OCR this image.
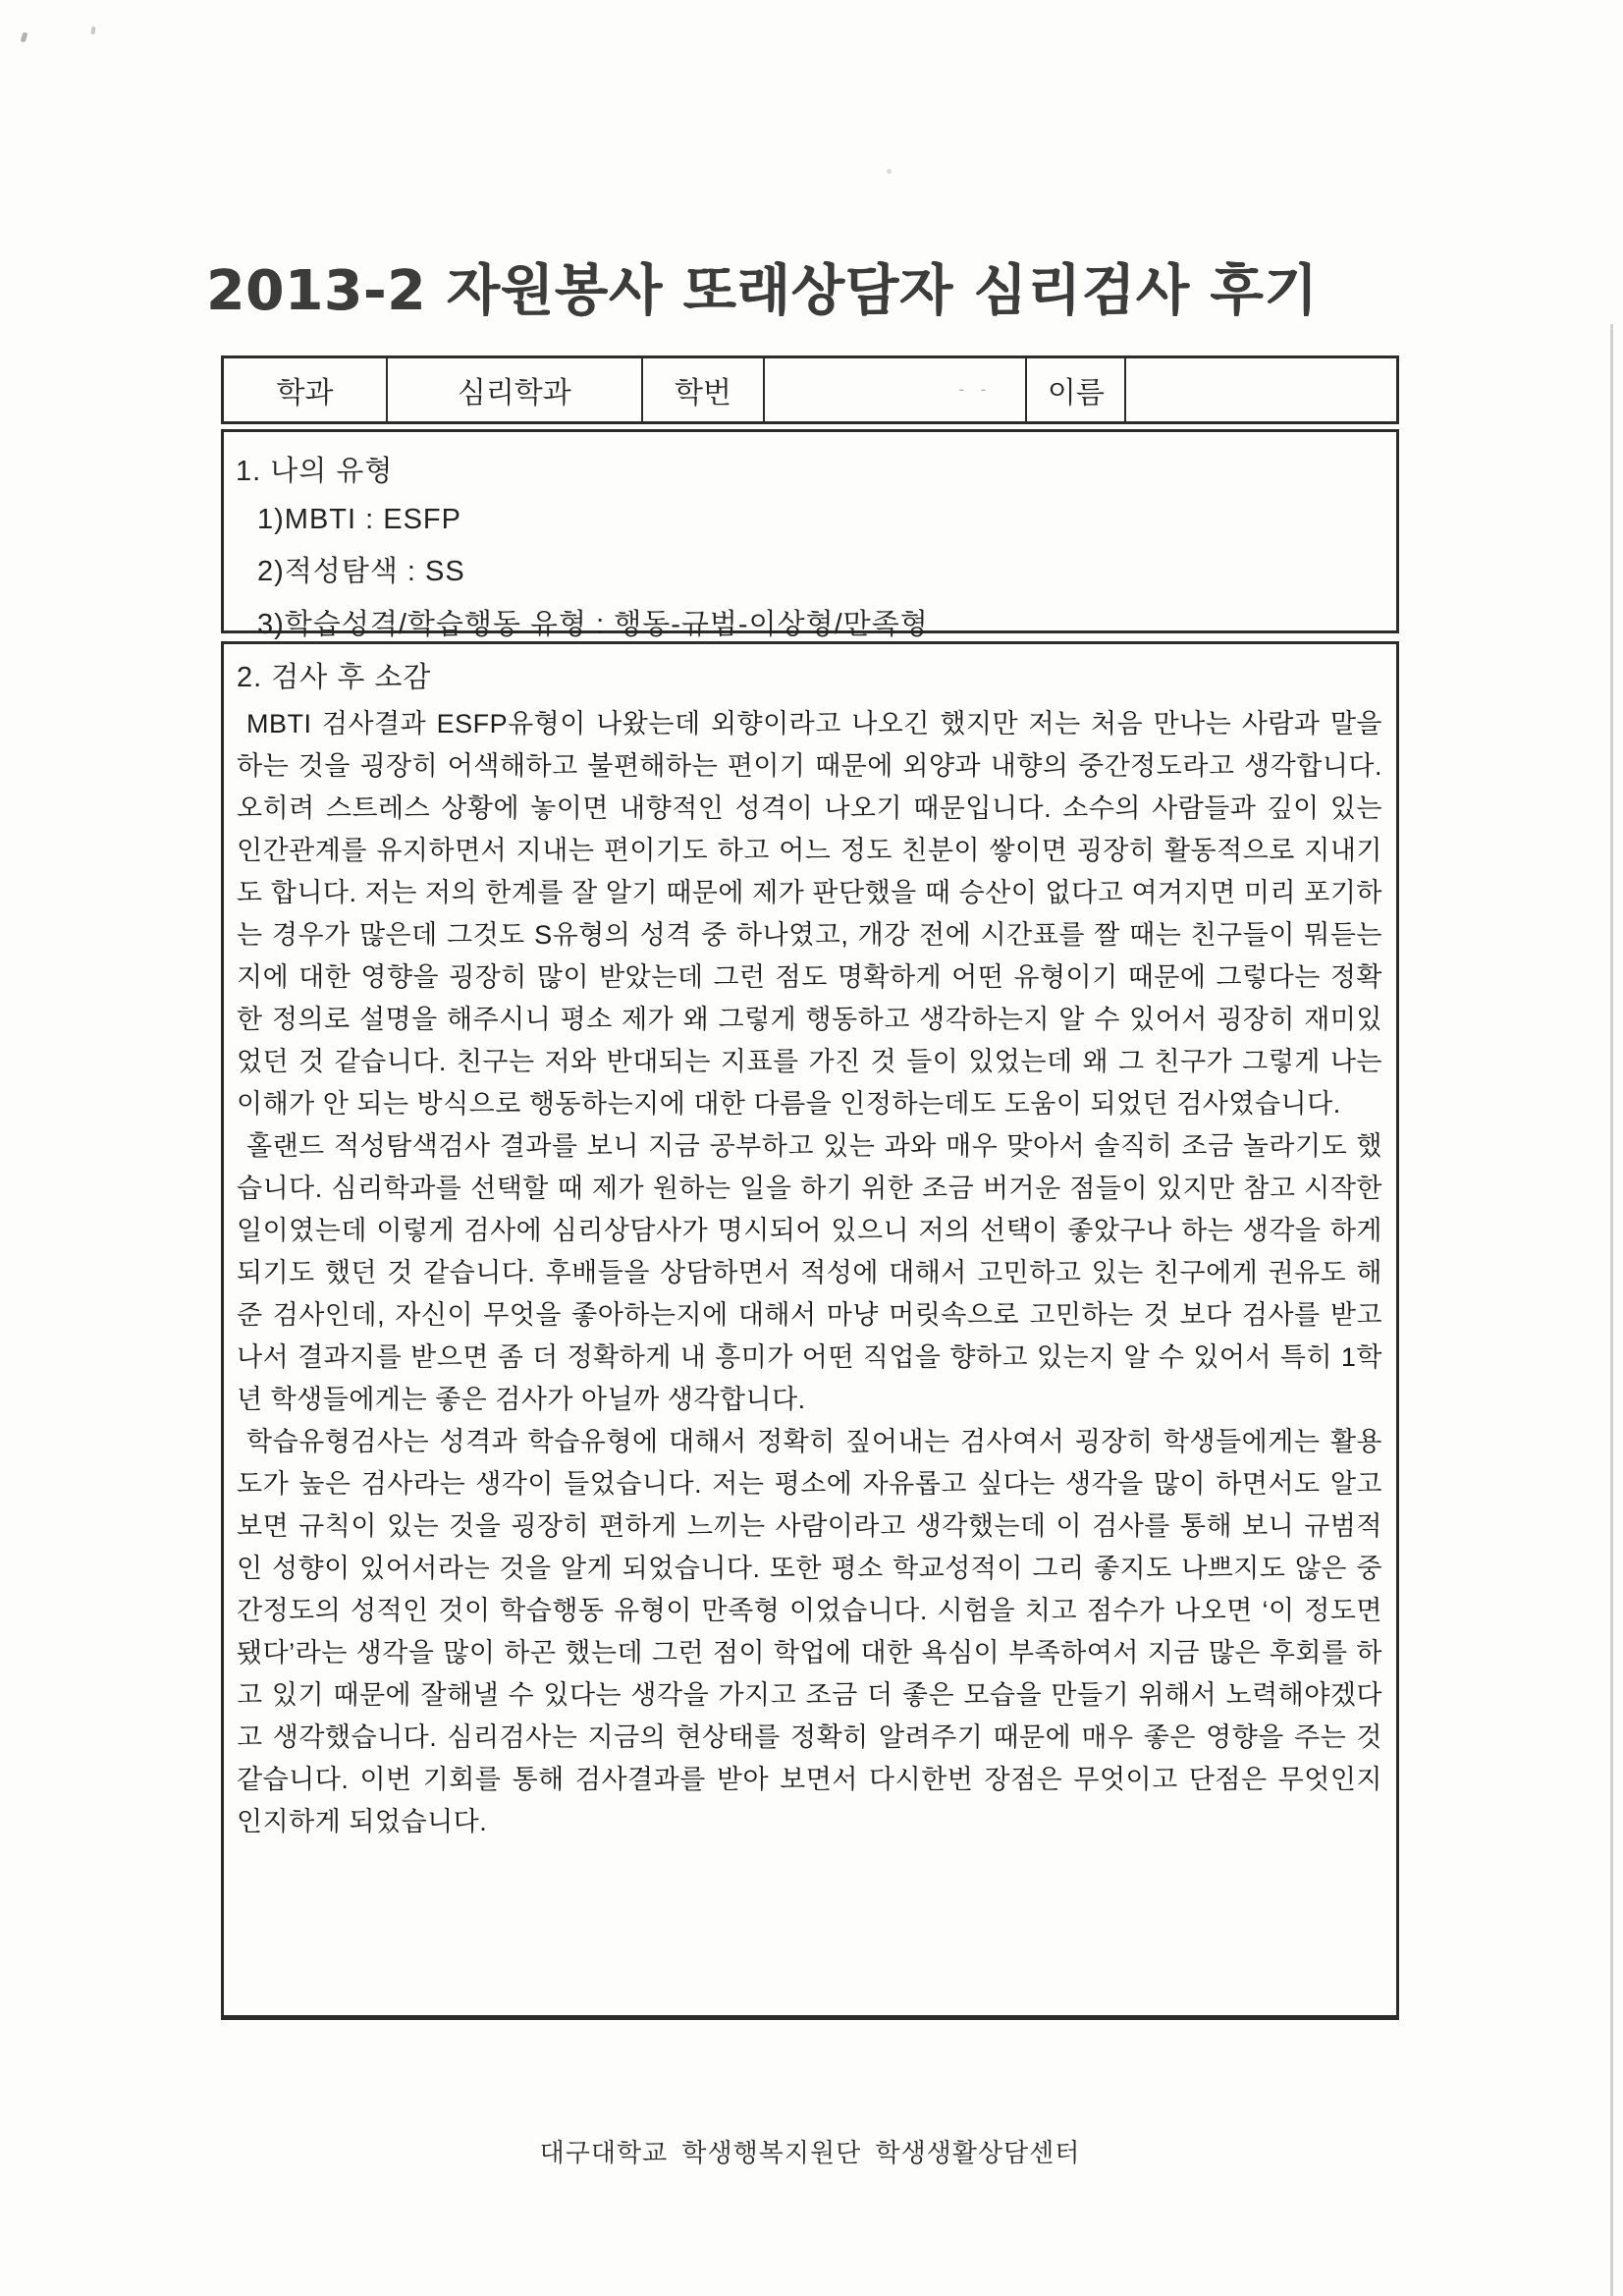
2013-2 자원봉사 또래상담자 심리검사 후기
학과	심리학과	학번	- -	이름	
1. 나의 유형
1)MBTI : ESFP
2)적성탐색 : SS
3)학습성격/학습행동 유형 : 행동-규범-이상형/만족형
2. 검사 후 소감

MBTI 검사결과 ESFP유형이 나왔는데 외향이라고 나오긴 했지만 저는 처음 만나는 사람과 말을 하는 것을 굉장히 어색해하고 불편해하는 편이기 때문에 외양과 내향의 중간정도라고 생각합니다. 오히려 스트레스 상황에 놓이면 내향적인 성격이 나오기 때문입니다. 소수의 사람들과 깊이 있는 인간관계를 유지하면서 지내는 편이기도 하고 어느 정도 친분이 쌓이면 굉장히 활동적으로 지내기도 합니다. 저는 저의 한계를 잘 알기 때문에 제가 판단했을 때 승산이 없다고 여겨지면 미리 포기하는 경우가 많은데 그것도 S유형의 성격 중 하나였고, 개강 전에 시간표를 짤 때는 친구들이 뭐듣는지에 대한 영향을 굉장히 많이 받았는데 그런 점도 명확하게 어떤 유형이기 때문에 그렇다는 정확한 정의로 설명을 해주시니 평소 제가 왜 그렇게 행동하고 생각하는지 알 수 있어서 굉장히 재미있었던 것 같습니다. 친구는 저와 반대되는 지표를 가진 것 들이 있었는데 왜 그 친구가 그렇게 나는 이해가 안 되는 방식으로 행동하는지에 대한 다름을 인정하는데도 도움이 되었던 검사였습니다.

홀랜드 적성탐색검사 결과를 보니 지금 공부하고 있는 과와 매우 맞아서 솔직히 조금 놀라기도 했습니다. 심리학과를 선택할 때 제가 원하는 일을 하기 위한 조금 버거운 점들이 있지만 참고 시작한 일이였는데 이렇게 검사에 심리상담사가 명시되어 있으니 저의 선택이 좋았구나 하는 생각을 하게 되기도 했던 것 같습니다. 후배들을 상담하면서 적성에 대해서 고민하고 있는 친구에게 권유도 해준 검사인데, 자신이 무엇을 좋아하는지에 대해서 마냥 머릿속으로 고민하는 것 보다 검사를 받고 나서 결과지를 받으면 좀 더 정확하게 내 흥미가 어떤 직업을 향하고 있는지 알 수 있어서 특히 1학년 학생들에게는 좋은 검사가 아닐까 생각합니다.

학습유형검사는 성격과 학습유형에 대해서 정확히 짚어내는 검사여서 굉장히 학생들에게는 활용도가 높은 검사라는 생각이 들었습니다. 저는 평소에 자유롭고 싶다는 생각을 많이 하면서도 알고 보면 규칙이 있는 것을 굉장히 편하게 느끼는 사람이라고 생각했는데 이 검사를 통해 보니 규범적인 성향이 있어서라는 것을 알게 되었습니다. 또한 평소 학교성적이 그리 좋지도 나쁘지도 않은 중간정도의 성적인 것이 학습행동 유형이 만족형 이었습니다. 시험을 치고 점수가 나오면 ‘이 정도면 됐다’라는 생각을 많이 하곤 했는데 그런 점이 학업에 대한 욕심이 부족하여서 지금 많은 후회를 하고 있기 때문에 잘해낼 수 있다는 생각을 가지고 조금 더 좋은 모습을 만들기 위해서 노력해야겠다고 생각했습니다. 심리검사는 지금의 현상태를 정확히 알려주기 때문에 매우 좋은 영향을 주는 것 같습니다. 이번 기회를 통해 검사결과를 받아 보면서 다시한번 장점은 무엇이고 단점은 무엇인지 인지하게 되었습니다.

대구대학교 학생행복지원단 학생생활상담센터
